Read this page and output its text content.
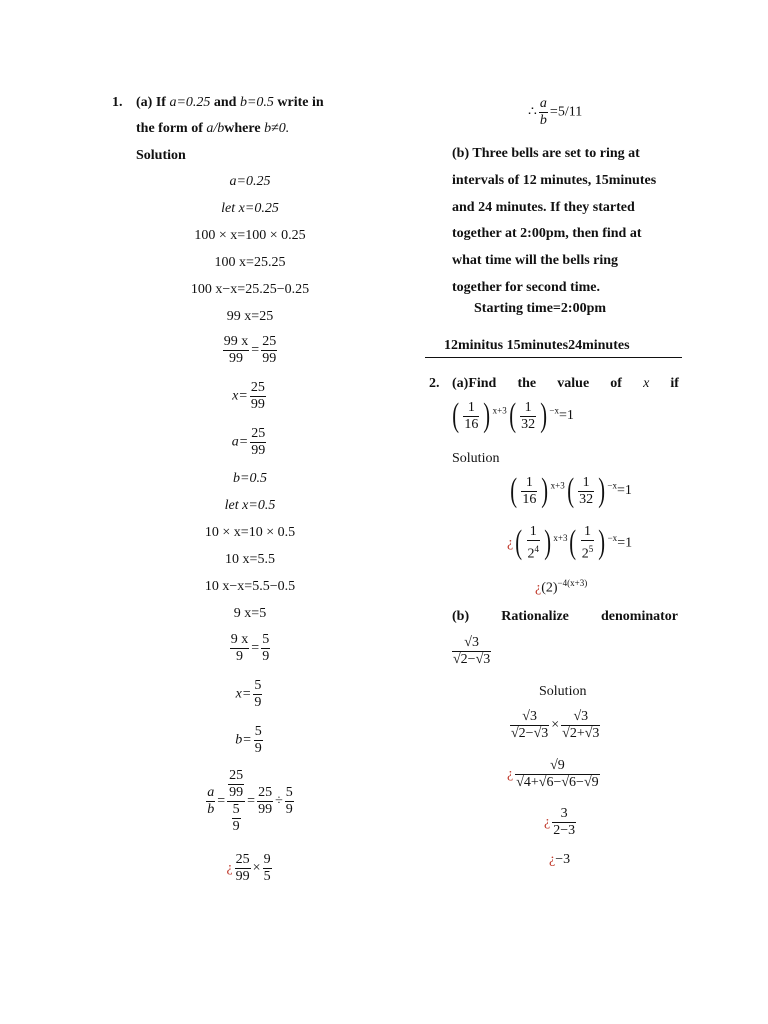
1. (a) If a=0.25 and b=0.5 write in
the form of a/bwhere b≠0.
Solution
a=0.25
let x=0.25
100 × x=100 × 0.25
100 x=25.25
100 x−x=25.25−0.25
99 x=25
$\frac{99 x}{99} = \frac{25}{99}$
$x= \frac{25}{99}$
$a= \frac{25}{99}$
b=0.5
let x=0.5
10 × x=10 × 0.5
10 x=5.5
10 x−x=5.5−0.5
9 x=5
$\frac{9 x}{9} = \frac{5}{9}$
$x= \frac{5}{9}$
$b= \frac{5}{9}$
$\frac{a}{b} = \frac{\frac{25}{99}}{\frac{5}{9}} = \frac{25}{99} \div \frac{5}{9}$
¿ $\frac{25}{99} \times \frac{9}{5}$
∴ $\frac{a}{b} =5/11$
(b) Three bells are set to ring at
intervals of 12 minutes, 15minutes
and 24 minutes. If they started
together at 2:00pm, then find at
what time will the bells ring
together for second time.
Starting time=2:00pm
12minitus 15minutes24minutes
2. (a)Find the value of x if
( $\frac{1}{16}$ ) $^{x+3}( \frac{1}{32}$ ) $^{-x}$=1
Solution
( $\frac{1}{16}$ ) $^{x+3}( \frac{1}{32}$ ) $^{-x}$=1
¿( $\frac{1}{2^4}$ ) $^{x+3}( \frac{1}{2^5}$ ) $^{-x}$=1
¿$(2)^{-4(x+3)}$
(b) Rationalize denominator
$\frac{√3}{√2-√3}$
Solution
$\frac{√3}{√2-√3} \times \frac{√3}{√2+√3}$
¿ $\frac{√9}{√4+√6-√6-√9}$
¿ $\frac{3}{2-3}$
¿−3
